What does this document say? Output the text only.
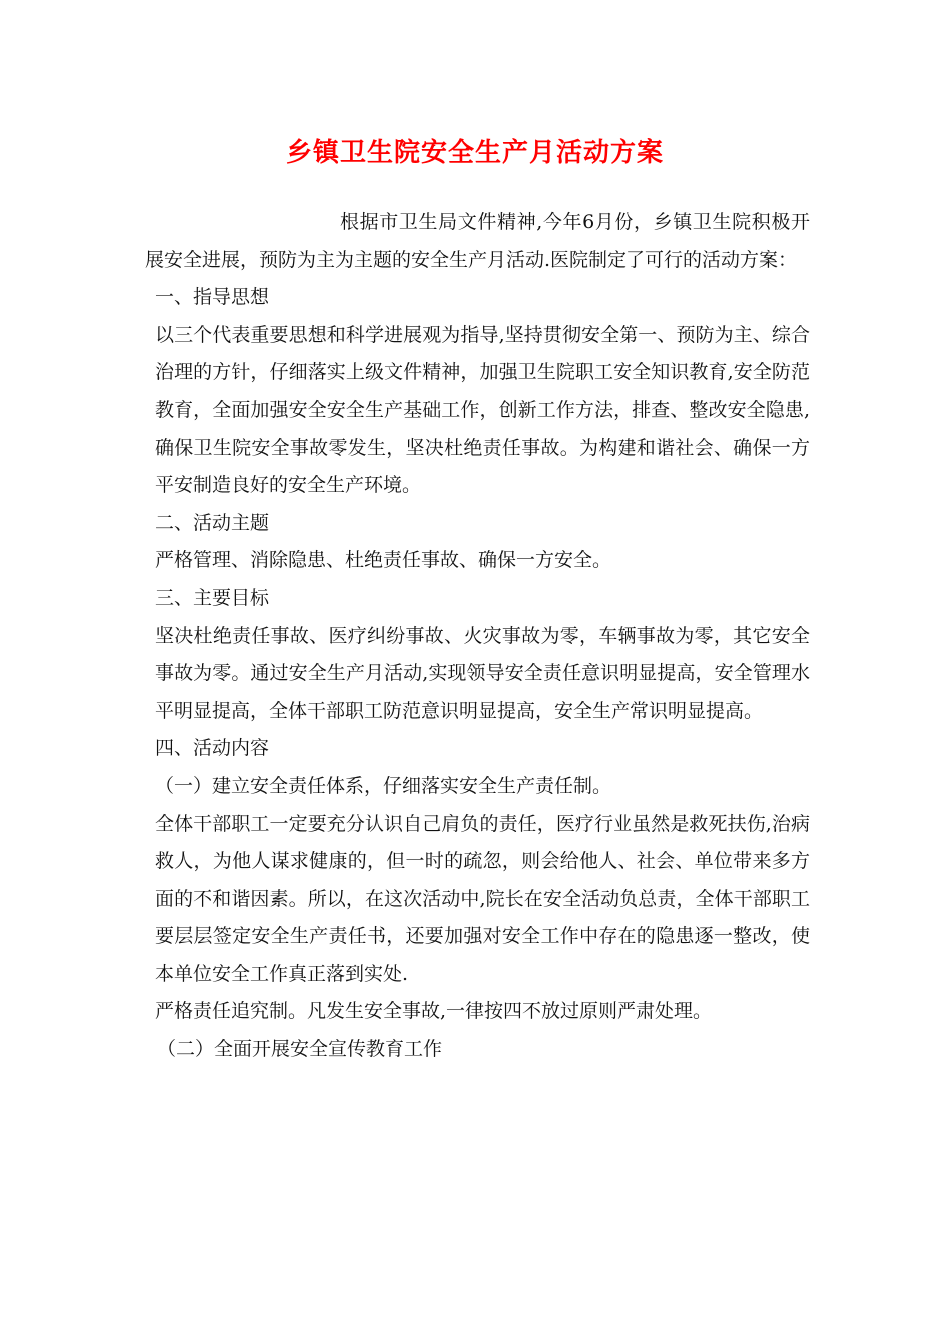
乡镇卫生院安全生产月活动方案

根据市卫生局文件精神,今年6月份，乡镇卫生院积极开展安全进展，预防为主为主题的安全生产月活动.医院制定了可行的活动方案：

一、指导思想

以三个代表重要思想和科学进展观为指导,坚持贯彻安全第一、预防为主、综合治理的方针，仔细落实上级文件精神，加强卫生院职工安全知识教育,安全防范教育，全面加强安全安全生产基础工作，创新工作方法，排查、整改安全隐患,确保卫生院安全事故零发生，坚决杜绝责任事故。为构建和谐社会、确保一方平安制造良好的安全生产环境。

二、活动主题

严格管理、消除隐患、杜绝责任事故、确保一方安全。

三、主要目标

坚决杜绝责任事故、医疗纠纷事故、火灾事故为零，车辆事故为零，其它安全事故为零。通过安全生产月活动,实现领导安全责任意识明显提高，安全管理水平明显提高，全体干部职工防范意识明显提高，安全生产常识明显提高。

四、活动内容

（一）建立安全责任体系，仔细落实安全生产责任制。

全体干部职工一定要充分认识自己肩负的责任，医疗行业虽然是救死扶伤,治病救人，为他人谋求健康的，但一时的疏忽，则会给他人、社会、单位带来多方面的不和谐因素。所以，在这次活动中,院长在安全活动负总责，全体干部职工要层层签定安全生产责任书，还要加强对安全工作中存在的隐患逐一整改，使本单位安全工作真正落到实处.

严格责任追究制。凡发生安全事故,一律按四不放过原则严肃处理。

（二）全面开展安全宣传教育工作
